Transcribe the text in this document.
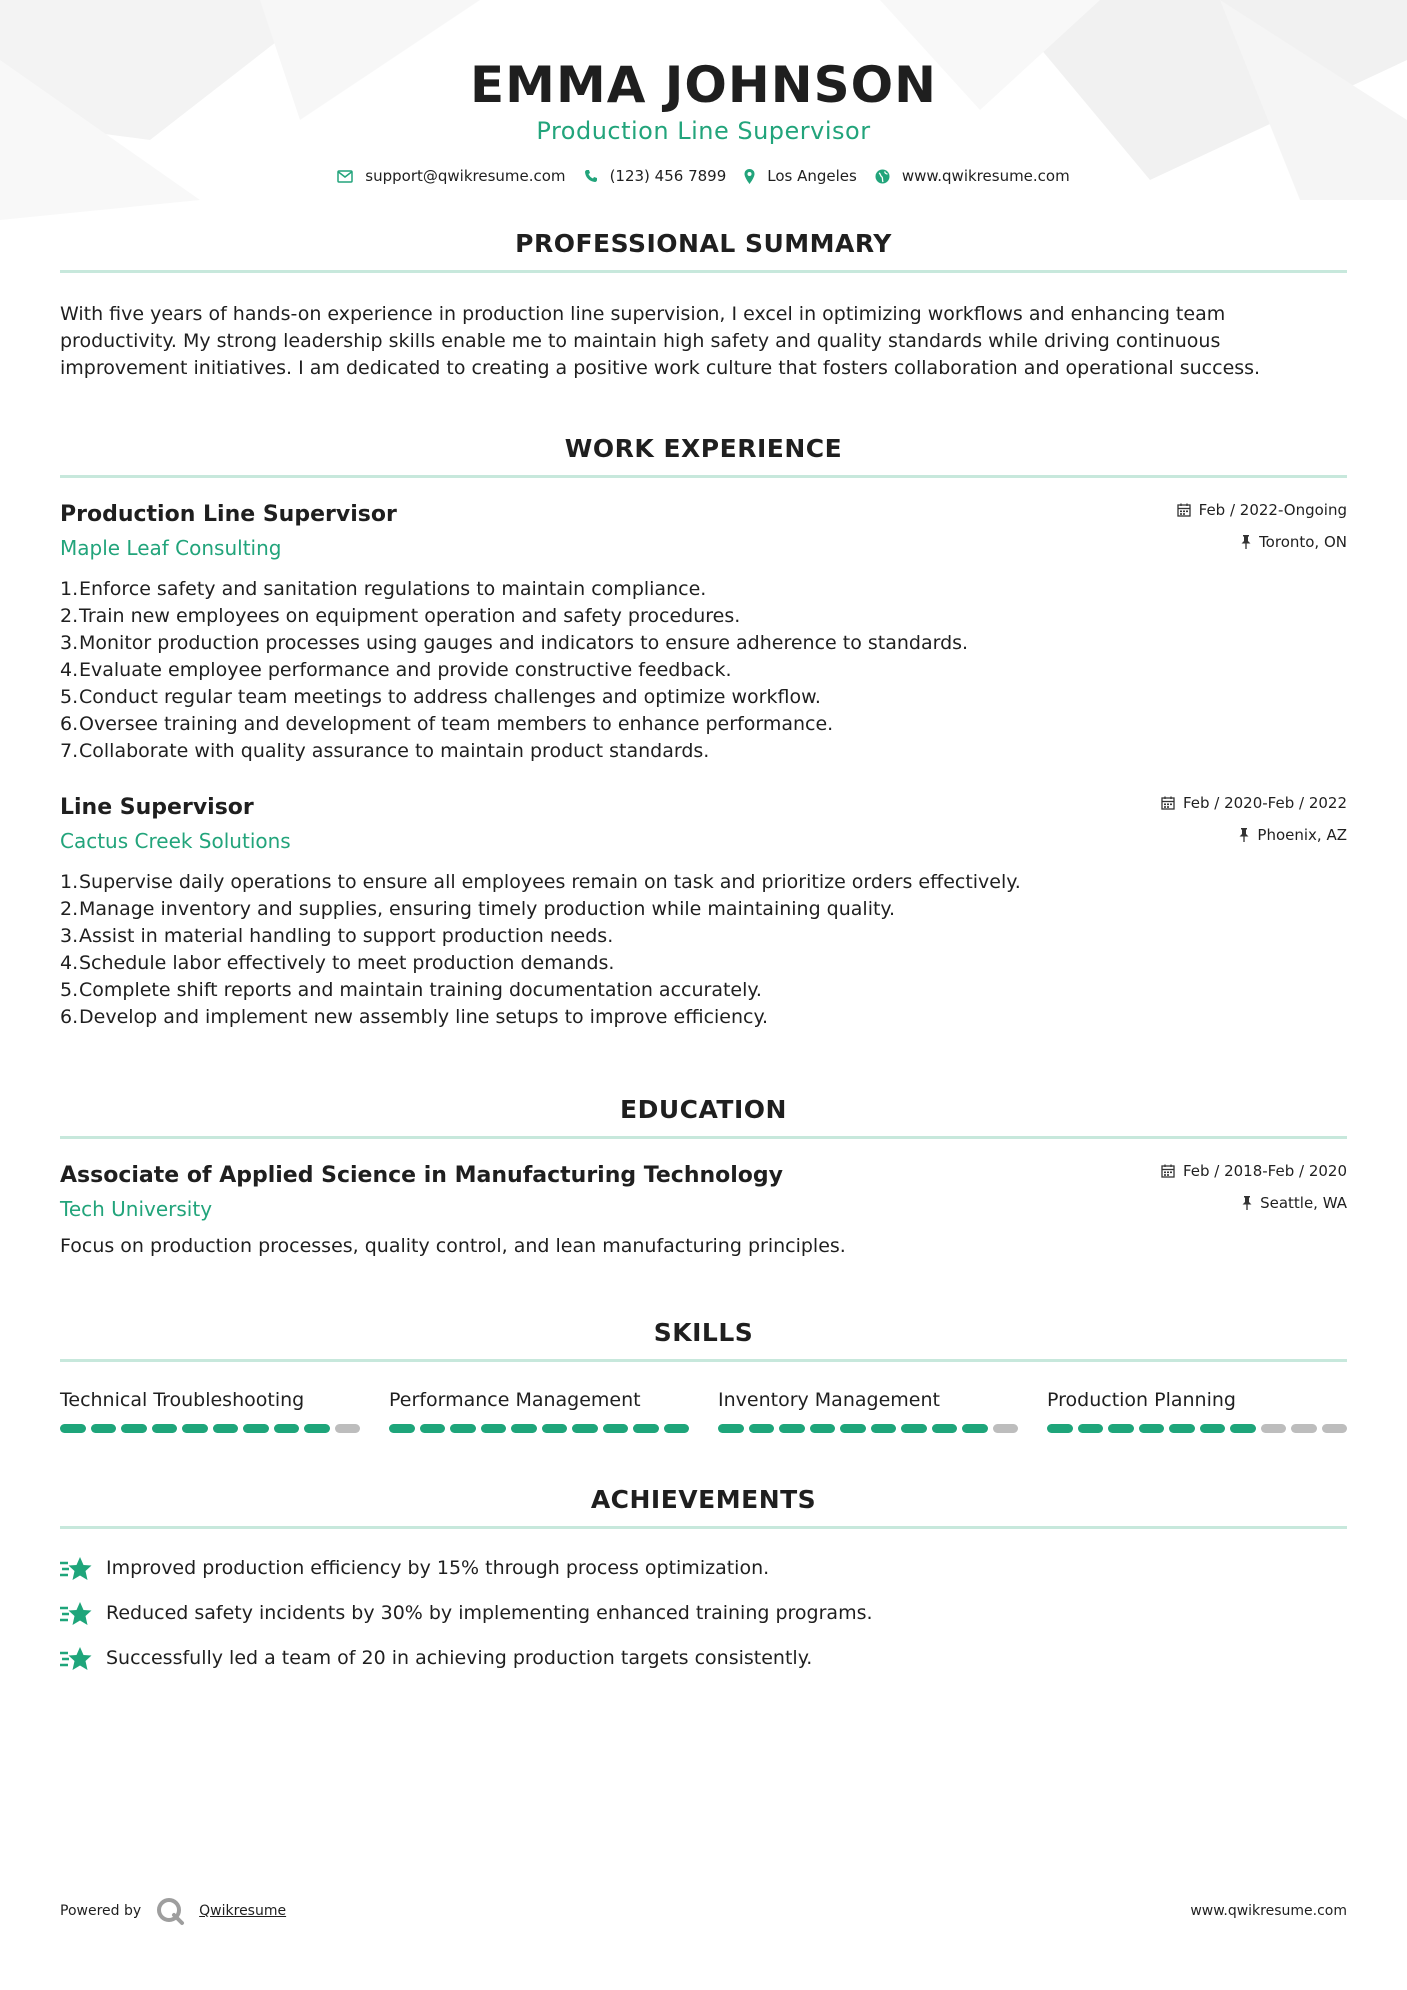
EMMA JOHNSON
Production Line Supervisor
support@qwikresume.com	(123) 456 7899	Los Angeles	www.qwikresume.com
PROFESSIONAL SUMMARY

With five years of hands-on experience in production line supervision, I excel in optimizing workflows and enhancing team productivity. My strong leadership skills enable me to maintain high safety and quality standards while driving continuous improvement initiatives. I am dedicated to creating a positive work culture that fosters collaboration and operational success.

WORK EXPERIENCE
Production Line Supervisor
Maple Leaf Consulting
Feb / 2022-Ongoing
Toronto, ON
1. Enforce safety and sanitation regulations to maintain compliance.
2. Train new employees on equipment operation and safety procedures.
3. Monitor production processes using gauges and indicators to ensure adherence to standards.
4. Evaluate employee performance and provide constructive feedback.
5. Conduct regular team meetings to address challenges and optimize workflow.
6. Oversee training and development of team members to enhance performance.
7. Collaborate with quality assurance to maintain product standards.
Line Supervisor
Cactus Creek Solutions
Feb / 2020-Feb / 2022
Phoenix, AZ
1. Supervise daily operations to ensure all employees remain on task and prioritize orders effectively.
2. Manage inventory and supplies, ensuring timely production while maintaining quality.
3. Assist in material handling to support production needs.
4. Schedule labor effectively to meet production demands.
5. Complete shift reports and maintain training documentation accurately.
6. Develop and implement new assembly line setups to improve efficiency.
EDUCATION
Associate of Applied Science in Manufacturing Technology
Tech University
Feb / 2018-Feb / 2020
Seattle, WA

Focus on production processes, quality control, and lean manufacturing principles.

SKILLS
Technical Troubleshooting	Performance Management	Inventory Management	Production Planning
ACHIEVEMENTS
Improved production efficiency by 15% through process optimization.
Reduced safety incidents by 30% by implementing enhanced training programs.
Successfully led a team of 20 in achieving production targets consistently.
Powered by	Qwikresume	www.qwikresume.com
